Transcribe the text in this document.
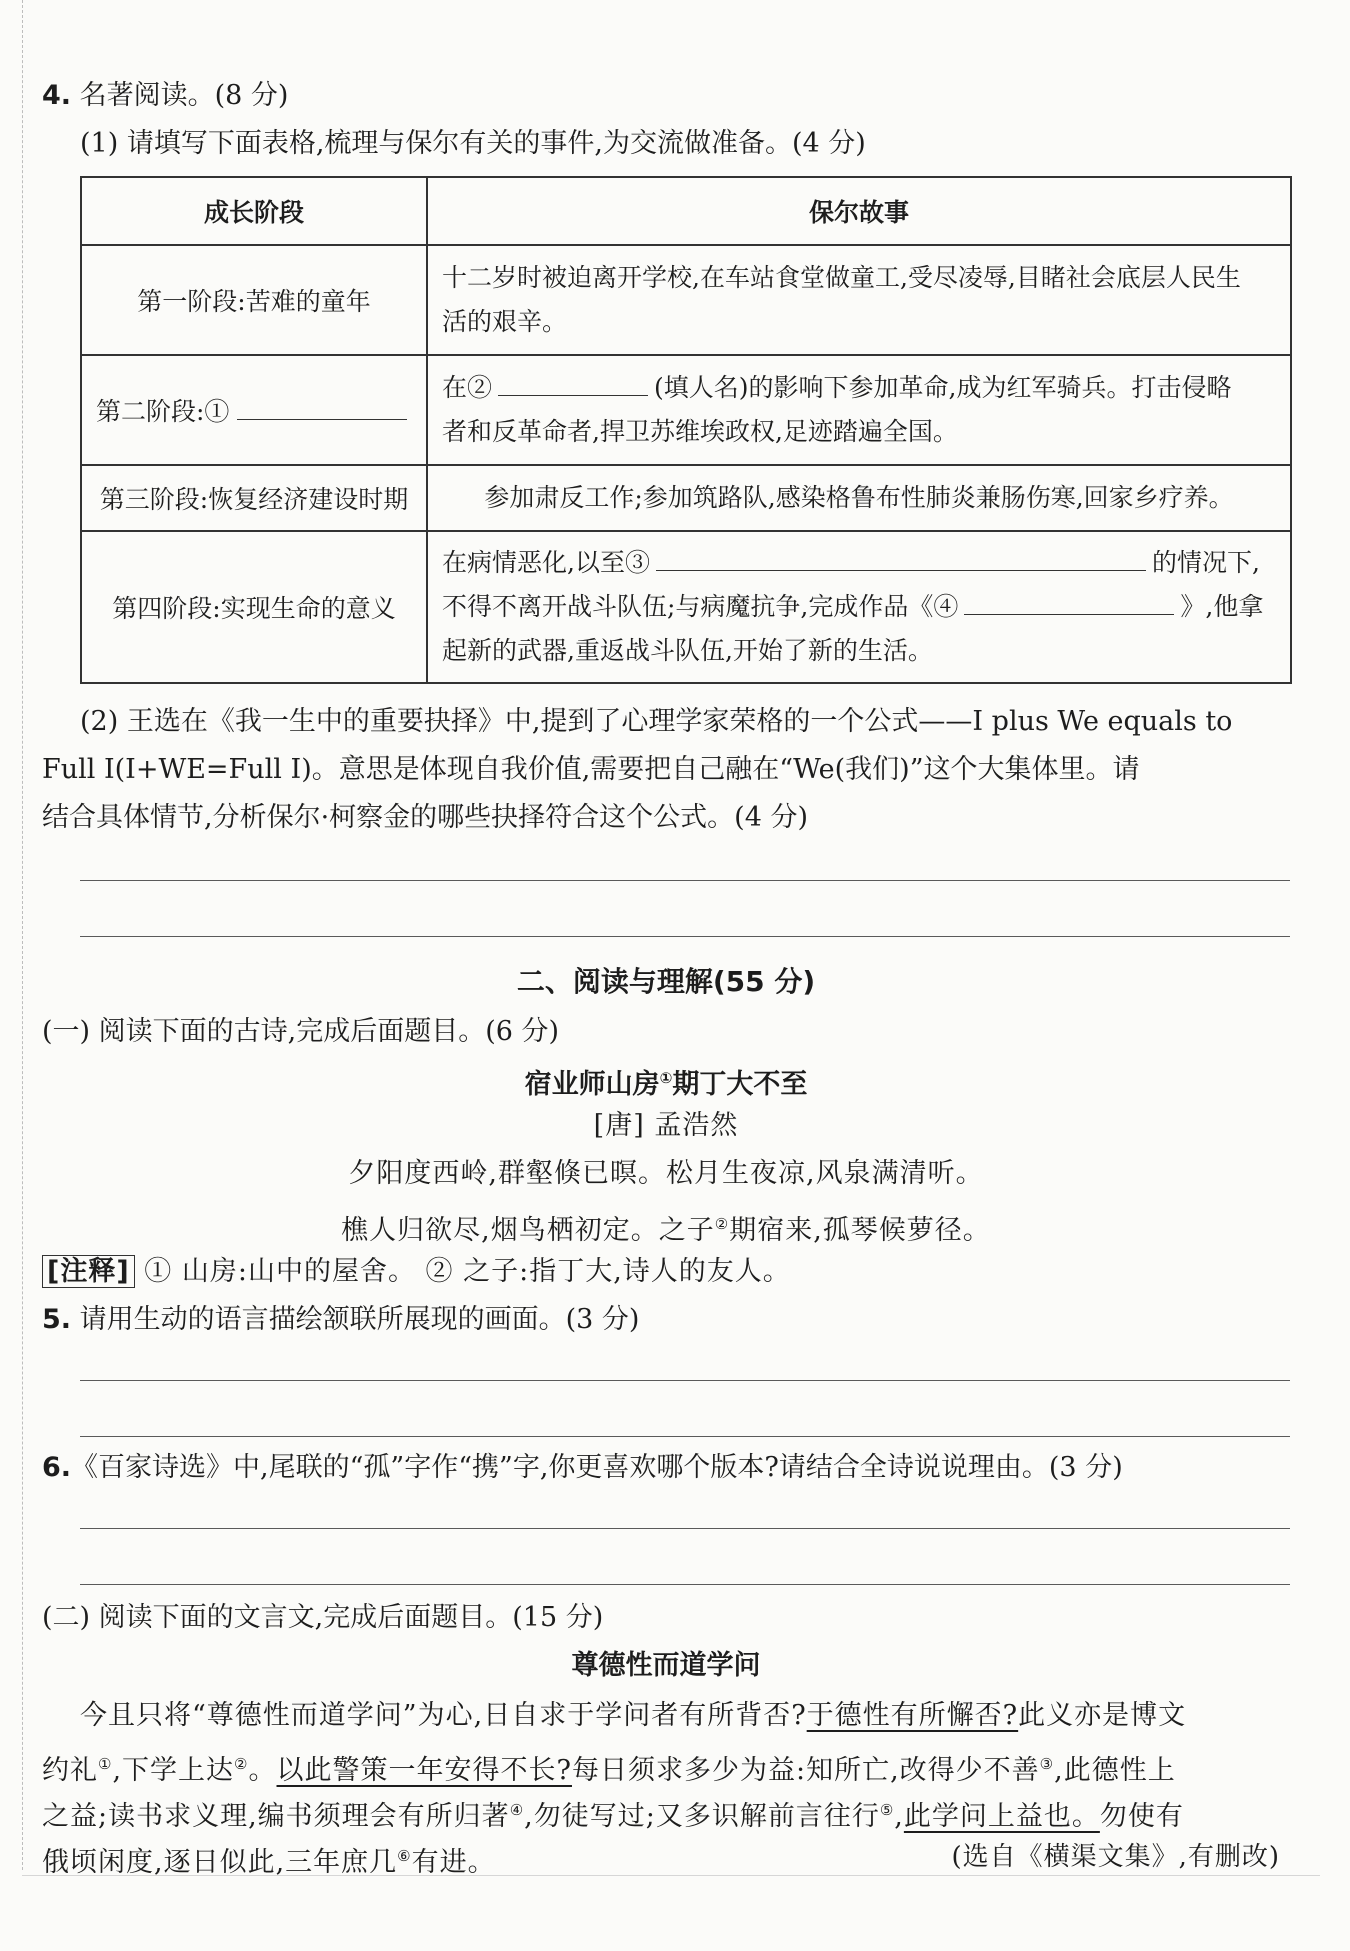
4. 名著阅读。(8 分)
(1) 请填写下面表格,梳理与保尔有关的事件,为交流做准备。(4 分)
成长阶段	保尔故事
第一阶段:苦难的童年	十二岁时被迫离开学校,在车站食堂做童工,受尽凌辱,目睹社会底层人民生
活的艰辛。

第二阶段:①	在② (填人名)的影响下参加革命,成为红军骑兵。打击侵略
者和反革命者,捍卫苏维埃政权,足迹踏遍全国。

第三阶段:恢复经济建设时期	参加肃反工作;参加筑路队,感染格鲁布性肺炎兼肠伤寒,回家乡疗养。
第四阶段:实现生命的意义	在病情恶化,以至③ 的情况下,
不得不离开战斗队伍;与病魔抗争,完成作品《④ 》,他拿
起新的武器,重返战斗队伍,开始了新的生活。
(2) 王选在《我一生中的重要抉择》中,提到了心理学家荣格的一个公式——I plus We equals to
Full I(I+WE=Full I)。意思是体现自我价值,需要把自己融在“We(我们)”这个大集体里。请
结合具体情节,分析保尔·柯察金的哪些抉择符合这个公式。(4 分)
二、阅读与理解(55 分)
(一) 阅读下面的古诗,完成后面题目。(6 分)
宿业师山房①期丁大不至
[唐] 孟浩然
夕阳度西岭,群壑倏已暝。松月生夜凉,风泉满清听。
樵人归欲尽,烟鸟栖初定。之子②期宿来,孤琴候萝径。
[注释] ① 山房:山中的屋舍。 ② 之子:指丁大,诗人的友人。
5. 请用生动的语言描绘颔联所展现的画面。(3 分)
6.《百家诗选》中,尾联的“孤”字作“携”字,你更喜欢哪个版本?请结合全诗说说理由。(3 分)
(二) 阅读下面的文言文,完成后面题目。(15 分)
尊德性而道学问
今且只将“尊德性而道学问”为心,日自求于学问者有所背否?于德性有所懈否?此义亦是博文
约礼①,下学上达②。以此警策一年安得不长?每日须求多少为益:知所亡,改得少不善③,此德性上
之益;读书求义理,编书须理会有所归著④,勿徒写过;又多识解前言往行⑤,此学问上益也。勿使有
俄顷闲度,逐日似此,三年庶几⑥有进。	(选自《横渠文集》,有删改)
